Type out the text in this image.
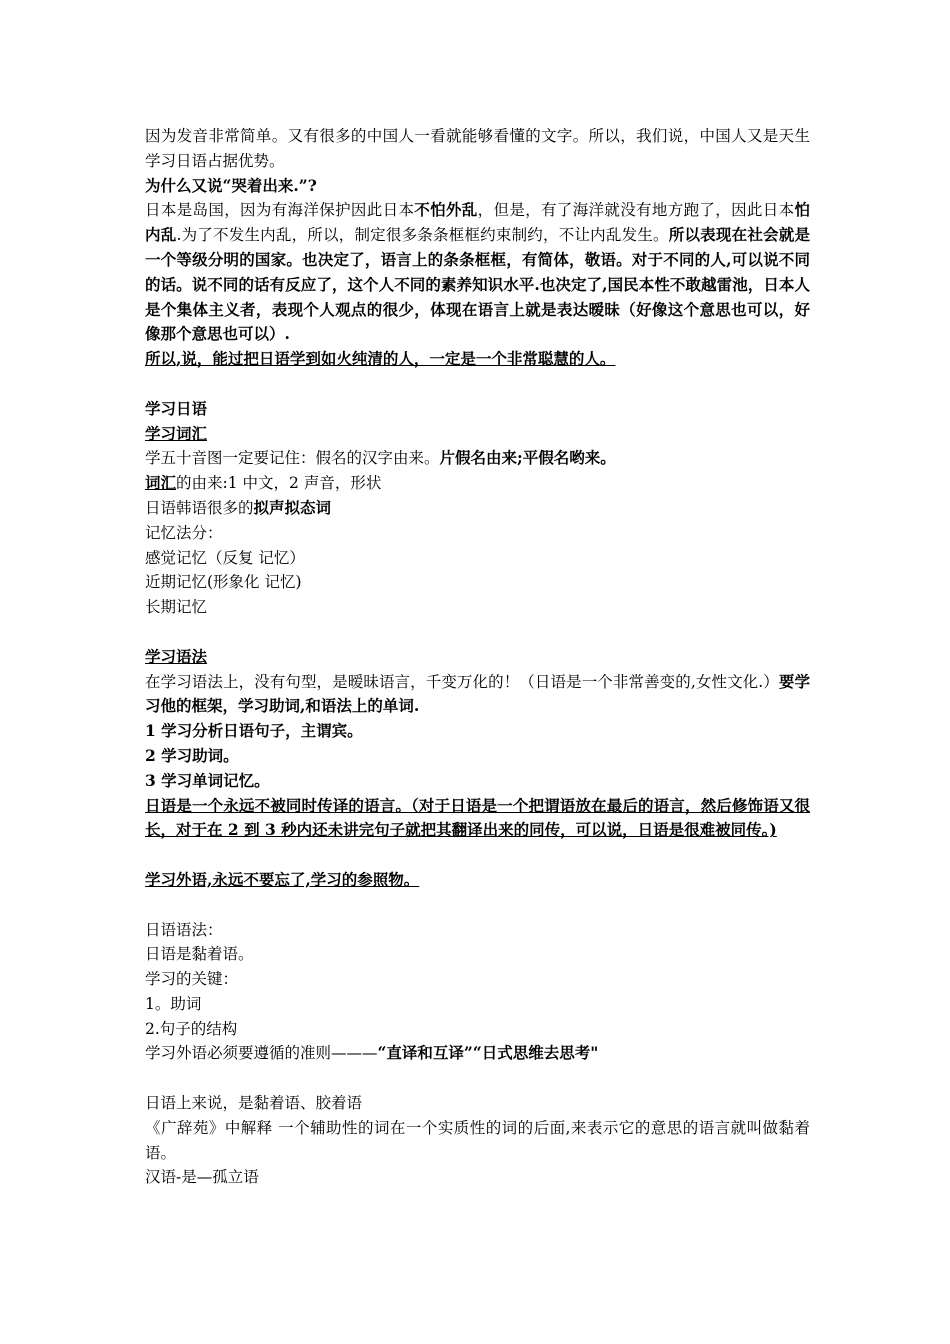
因为发音非常简单。又有很多的中国人一看就能够看懂的文字。所以，我们说，中国人又是天生学习日语占据优势。

为什么又说“哭着出来.”?

日本是岛国，因为有海洋保护因此日本不怕外乱，但是，有了海洋就没有地方跑了，因此日本怕内乱.为了不发生内乱，所以，制定很多条条框框约束制约，不让内乱发生。所以表现在社会就是一个等级分明的国家。也决定了，语言上的条条框框，有简体，敬语。对于不同的人,可以说不同的话。说不同的话有反应了，这个人不同的素养知识水平.也决定了,国民本性不敢越雷池，日本人是个集体主义者，表现个人观点的很少，体现在语言上就是表达暧昧（好像这个意思也可以，好像那个意思也可以）.

所以,说，能过把日语学到如火纯清的人，一定是一个非常聪慧的人。
学习日语
学习词汇
学五十音图一定要记住：假名的汉字由来。片假名由来;平假名哟来。
词汇的由来:1 中文，2 声音，形状
日语韩语很多的拟声拟态词
记忆法分：
感觉记忆（反复 记忆）
近期记忆(形象化 记忆)
长期记忆
学习语法

在学习语法上，没有句型，是暧昧语言，千变万化的！（日语是一个非常善变的,女性文化.）要学习他的框架，学习助词,和语法上的单词.

1 学习分析日语句子，主谓宾。
2 学习助词。
3 学习单词记忆。

日语是一个永远不被同时传译的语言。（对于日语是一个把谓语放在最后的语言，然后修饰语又很长，对于在 2 到 3 秒内还未讲完句子就把其翻译出来的同传，可以说，日语是很难被同传。)

学习外语,永远不要忘了,学习的参照物。
日语语法：
日语是黏着语。
学习的关键：
1。助词
2.句子的结构
学习外语必须要遵循的准则———“直译和互译”“日式思维去思考"
日语上来说，是黏着语、胶着语

《广辞苑》中解释 一个辅助性的词在一个实质性的词的后面,来表示它的意思的语言就叫做黏着语。

汉语-是—孤立语
